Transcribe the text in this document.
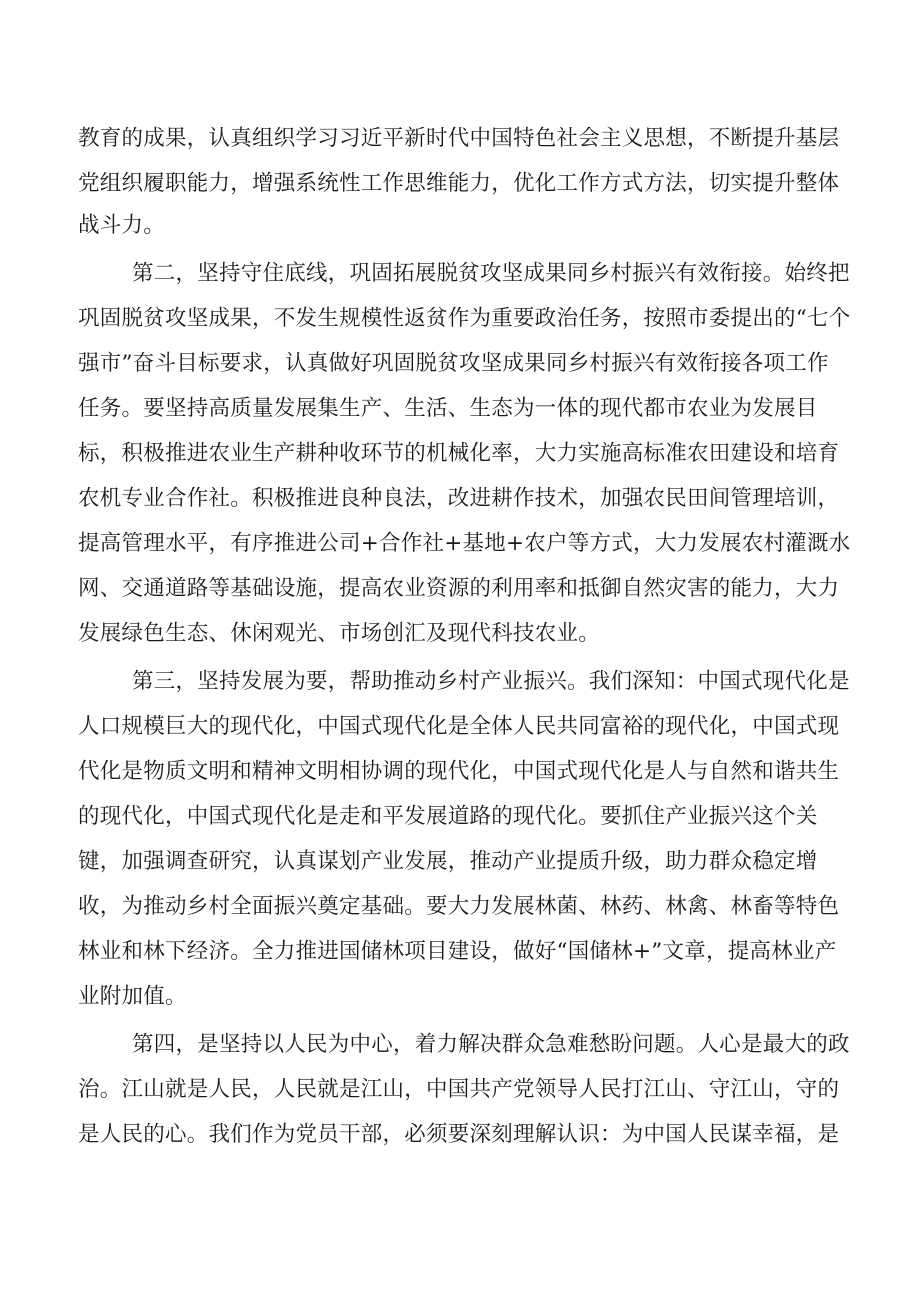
教育的成果，认真组织学习习近平新时代中国特色社会主义思想，不断提升基层
党组织履职能力，增强系统性工作思维能力，优化工作方式方法，切实提升整体
战斗力。
第二，坚持守住底线，巩固拓展脱贫攻坚成果同乡村振兴有效衔接。始终把
巩固脱贫攻坚成果，不发生规模性返贫作为重要政治任务，按照市委提出的“七个
强市”奋斗目标要求，认真做好巩固脱贫攻坚成果同乡村振兴有效衔接各项工作
任务。要坚持高质量发展集生产、生活、生态为一体的现代都市农业为发展目
标，积极推进农业生产耕种收环节的机械化率，大力实施高标准农田建设和培育
农机专业合作社。积极推进良种良法，改进耕作技术，加强农民田间管理培训，
提高管理水平，有序推进公司+合作社+基地+农户等方式，大力发展农村灌溉水
网、交通道路等基础设施，提高农业资源的利用率和抵御自然灾害的能力，大力
发展绿色生态、休闲观光、市场创汇及现代科技农业。
第三，坚持发展为要，帮助推动乡村产业振兴。我们深知：中国式现代化是
人口规模巨大的现代化，中国式现代化是全体人民共同富裕的现代化，中国式现
代化是物质文明和精神文明相协调的现代化，中国式现代化是人与自然和谐共生
的现代化，中国式现代化是走和平发展道路的现代化。要抓住产业振兴这个关
键，加强调查研究，认真谋划产业发展，推动产业提质升级，助力群众稳定增
收，为推动乡村全面振兴奠定基础。要大力发展林菌、林药、林禽、林畜等特色
林业和林下经济。全力推进国储林项目建设，做好“国储林+”文章，提高林业产
业附加值。
第四，是坚持以人民为中心，着力解决群众急难愁盼问题。人心是最大的政
治。江山就是人民，人民就是江山，中国共产党领导人民打江山、守江山，守的
是人民的心。我们作为党员干部，必须要深刻理解认识：为中国人民谋幸福，是
